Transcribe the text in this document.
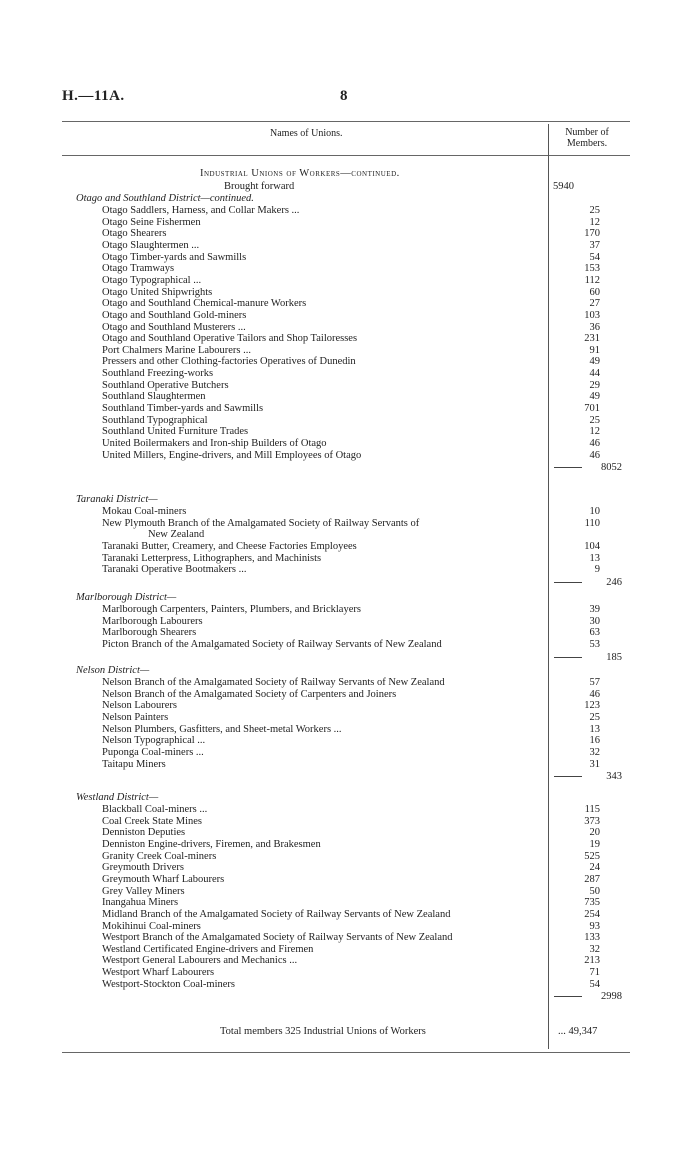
H.—11A.	8
Names of Unions.	Number of
Members.
Industrial Unions of Workers—continued.
Brought forward	5940
Otago and Southland District—continued.
Otago Saddlers, Harness, and Collar Makers ...	25
Otago Seine Fishermen	12
Otago Shearers	170
Otago Slaughtermen ...	37
Otago Timber-yards and Sawmills	54
Otago Tramways	153
Otago Typographical ...	112
Otago United Shipwrights	60
Otago and Southland Chemical-manure Workers	27
Otago and Southland Gold-miners	103
Otago and Southland Musterers ...	36
Otago and Southland Operative Tailors and Shop Tailoresses	231
Port Chalmers Marine Labourers ...	91
Pressers and other Clothing-factories Operatives of Dunedin	49
Southland Freezing-works	44
Southland Operative Butchers	29
Southland Slaughtermen	49
Southland Timber-yards and Sawmills	701
Southland Typographical	25
Southland United Furniture Trades	12
United Boilermakers and Iron-ship Builders of Otago	46
United Millers, Engine-drivers, and Mill Employees of Otago	46
8052
Taranaki District—
Mokau Coal-miners	10
New Plymouth Branch of the Amalgamated Society of Railway Servants of	110
New Zealand
Taranaki Butter, Creamery, and Cheese Factories Employees	104
Taranaki Letterpress, Lithographers, and Machinists	13
Taranaki Operative Bootmakers ...	9
246
Marlborough District—
Marlborough Carpenters, Painters, Plumbers, and Bricklayers	39
Marlborough Labourers	30
Marlborough Shearers	63
Picton Branch of the Amalgamated Society of Railway Servants of New Zealand	53
185
Nelson District—
Nelson Branch of the Amalgamated Society of Railway Servants of New Zealand	57
Nelson Branch of the Amalgamated Society of Carpenters and Joiners	46
Nelson Labourers	123
Nelson Painters	25
Nelson Plumbers, Gasfitters, and Sheet-metal Workers ...	13
Nelson Typographical ...	16
Puponga Coal-miners ...	32
Taitapu Miners	31
343
Westland District—
Blackball Coal-miners ...	115
Coal Creek State Mines	373
Denniston Deputies	20
Denniston Engine-drivers, Firemen, and Brakesmen	19
Granity Creek Coal-miners	525
Greymouth Drivers	24
Greymouth Wharf Labourers	287
Grey Valley Miners	50
Inangahua Miners	735
Midland Branch of the Amalgamated Society of Railway Servants of New Zealand	254
Mokihinui Coal-miners	93
Westport Branch of the Amalgamated Society of Railway Servants of New Zealand	133
Westland Certificated Engine-drivers and Firemen	32
Westport General Labourers and Mechanics ...	213
Westport Wharf Labourers	71
Westport-Stockton Coal-miners	54
2998
Total members 325 Industrial Unions of Workers	... 49,347
